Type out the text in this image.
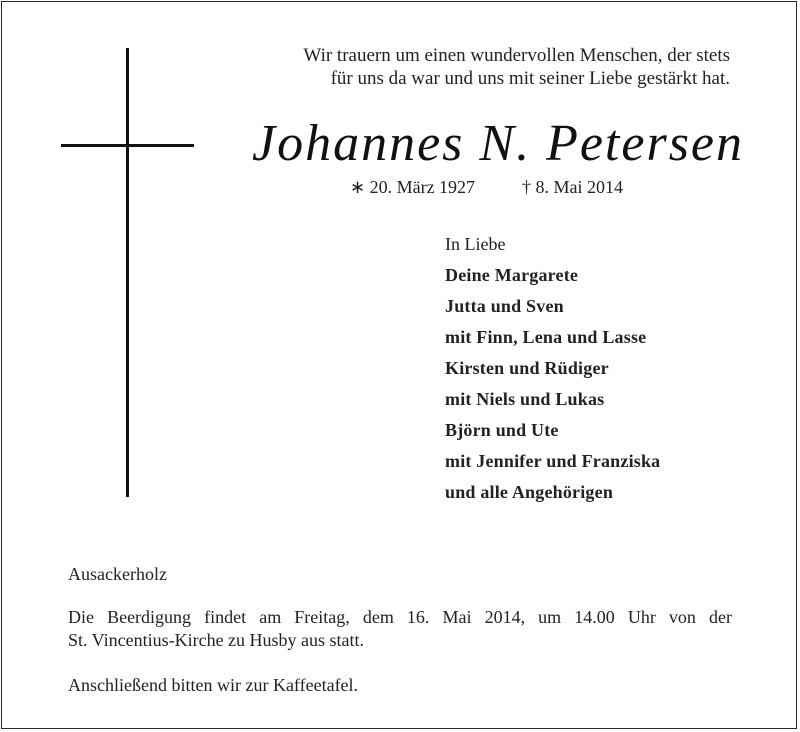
Wir trauern um einen wundervollen Menschen, der stets
für uns da war und uns mit seiner Liebe gestärkt hat.
Johannes N. Petersen
∗ 20. März 1927	† 8. Mai 2014
In Liebe
Deine Margarete
Jutta und Sven
mit Finn, Lena und Lasse
Kirsten und Rüdiger
mit Niels und Lukas
Björn und Ute
mit Jennifer und Franziska
und alle Angehörigen
Ausackerholz
Die Beerdigung findet am Freitag, dem 16. Mai 2014, um 14.00 Uhr von der
St. Vincentius-Kirche zu Husby aus statt.
Anschließend bitten wir zur Kaffeetafel.
